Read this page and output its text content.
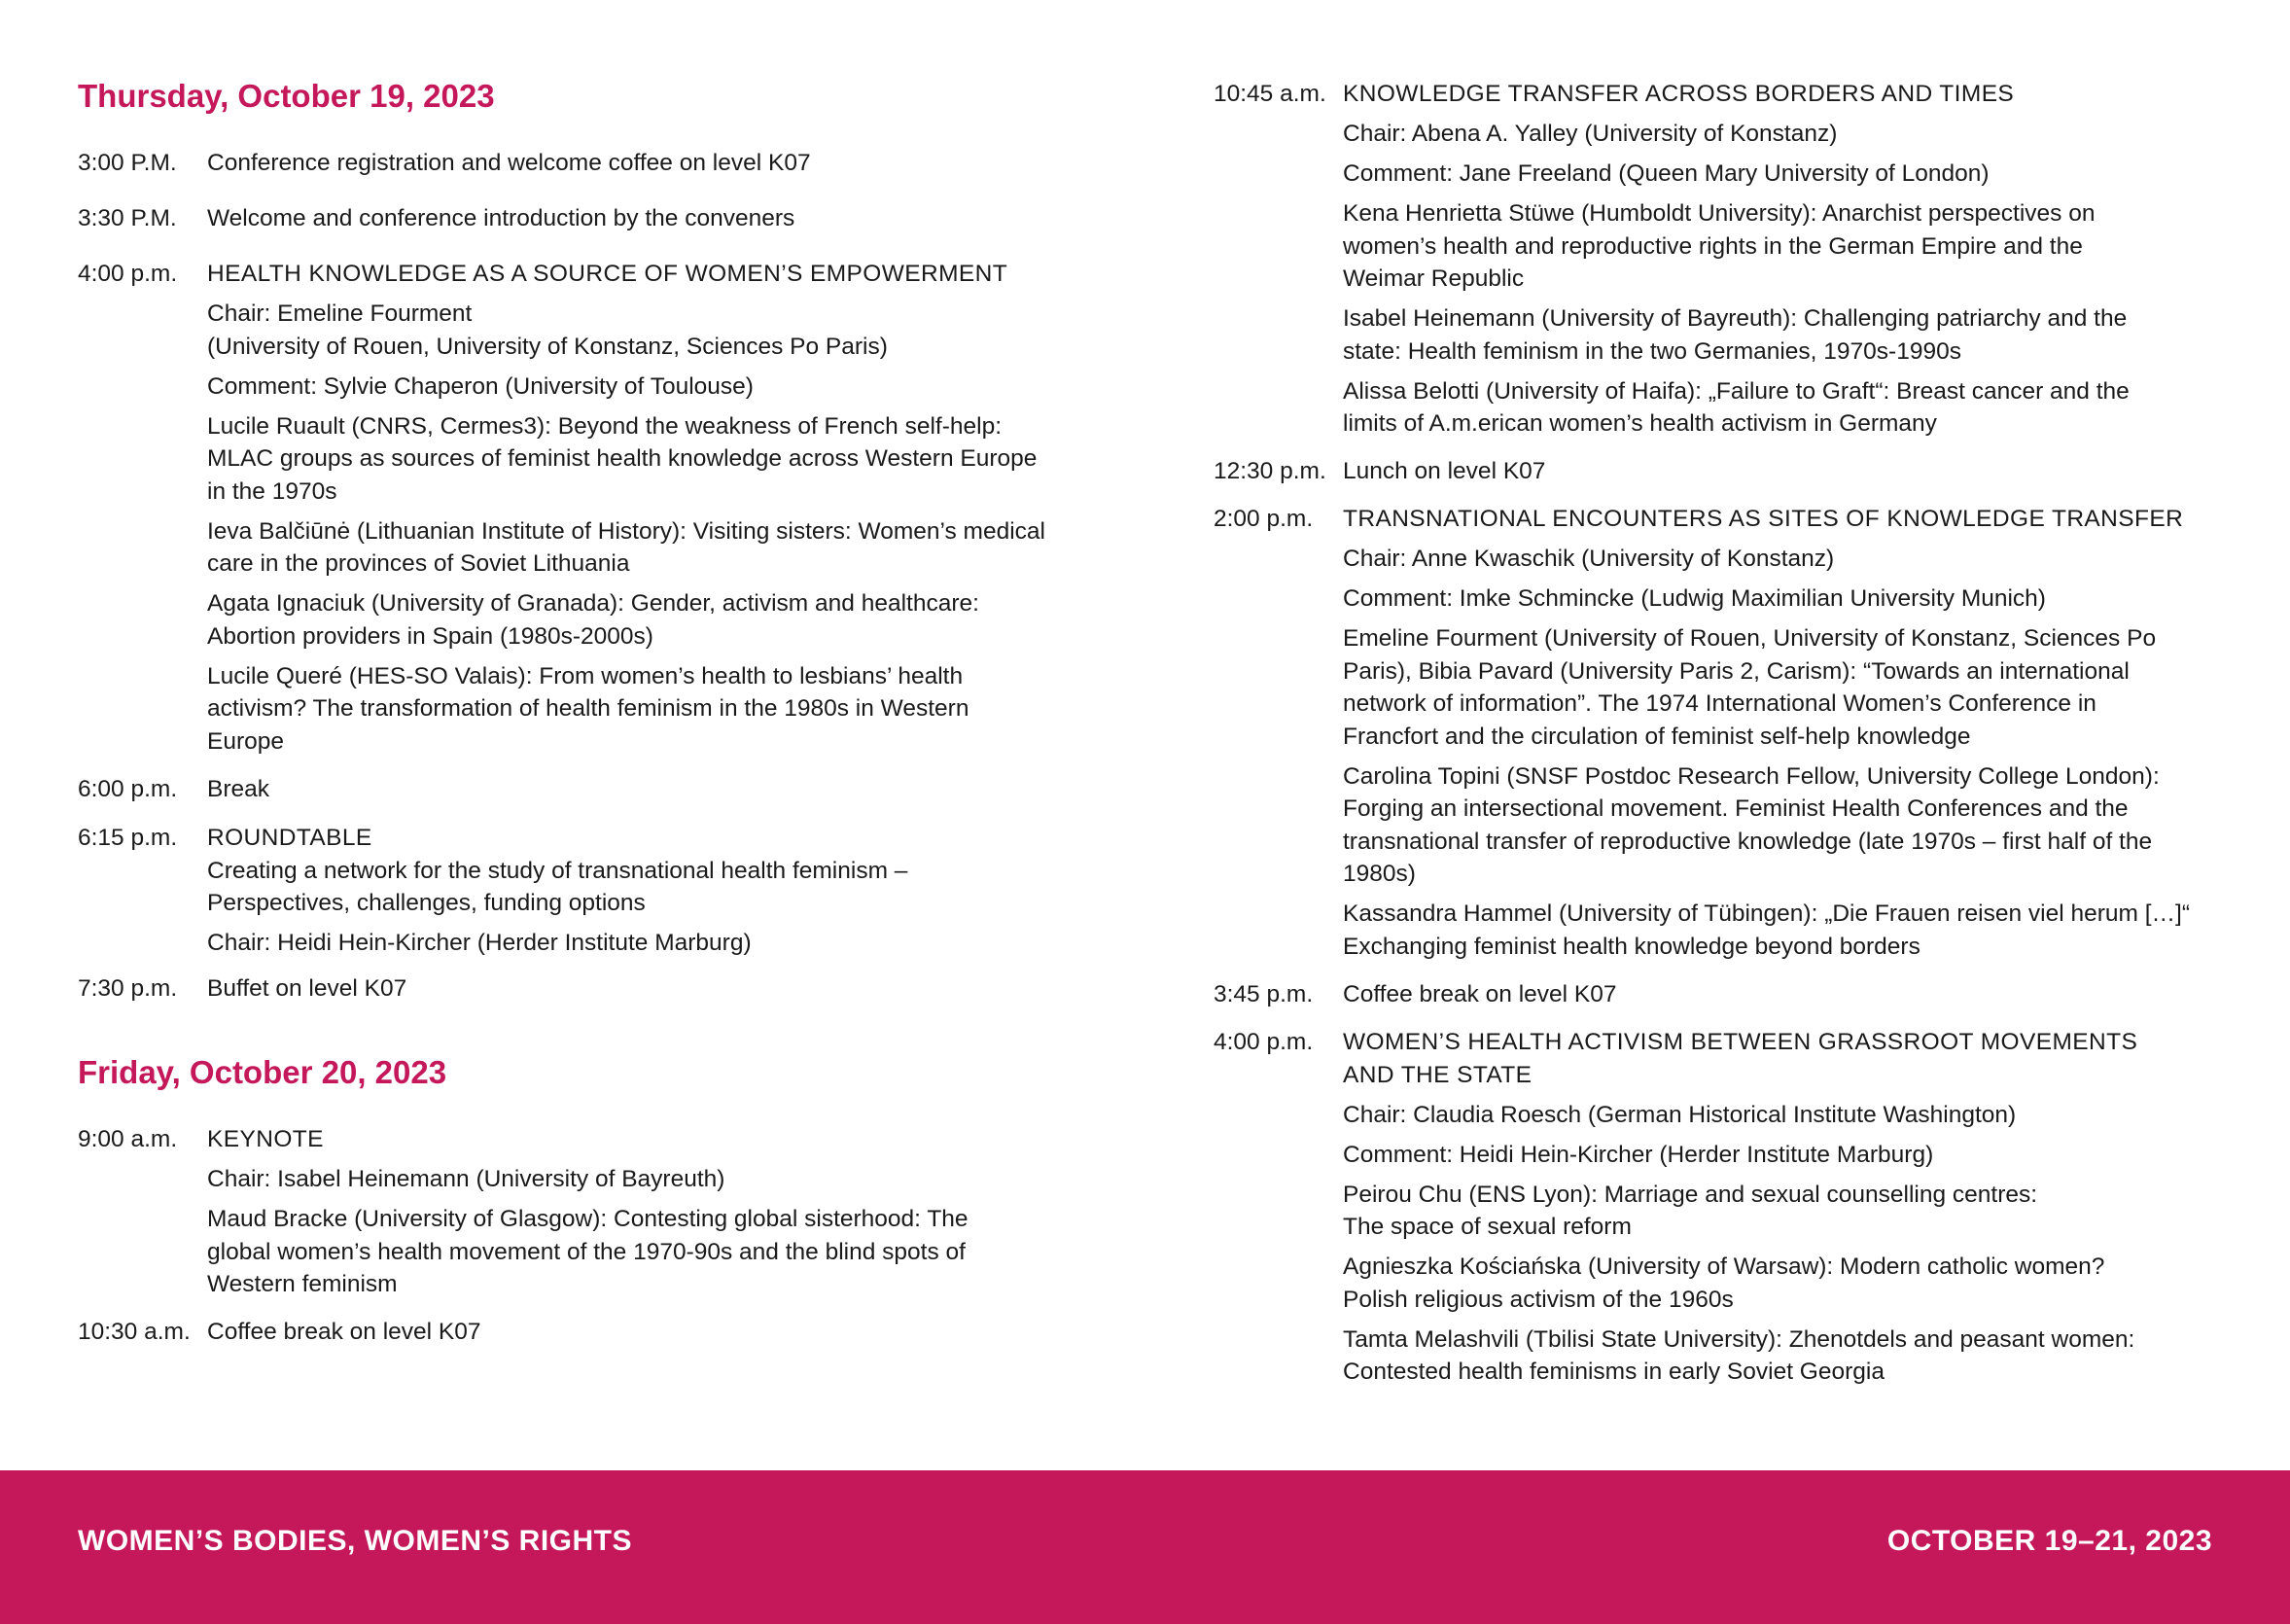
Thursday, October 19, 2023
3:00 P.M. Conference registration and welcome coffee on level K07
3:30 P.M. Welcome and conference introduction by the conveners
4:00 p.m. HEALTH KNOWLEDGE AS A SOURCE OF WOMEN’S EMPOWERMENT
Chair: Emeline Fourment
(University of Rouen, University of Konstanz, Sciences Po Paris)
Comment: Sylvie Chaperon (University of Toulouse)
Lucile Ruault (CNRS, Cermes3): Beyond the weakness of French self-help:
MLAC groups as sources of feminist health knowledge across Western Europe
in the 1970s
Ieva Balčiūnė (Lithuanian Institute of History): Visiting sisters: Women’s medical
care in the provinces of Soviet Lithuania
Agata Ignaciuk (University of Granada): Gender, activism and healthcare:
Abortion providers in Spain (1980s-2000s)
Lucile Queré (HES-SO Valais): From women’s health to lesbians’ health
activism? The transformation of health feminism in the 1980s in Western
Europe
6:00 p.m. Break
6:15 p.m. ROUNDTABLE
Creating a network for the study of transnational health feminism –
Perspectives, challenges, funding options
Chair: Heidi Hein-Kircher (Herder Institute Marburg)
7:30 p.m. Buffet on level K07
Friday, October 20, 2023
9:00 a.m. KEYNOTE
Chair: Isabel Heinemann (University of Bayreuth)
Maud Bracke (University of Glasgow): Contesting global sisterhood: The
global women’s health movement of the 1970-90s and the blind spots of
Western feminism
10:30 a.m. Coffee break on level K07
10:45 a.m. KNOWLEDGE TRANSFER ACROSS BORDERS AND TIMES
Chair: Abena A. Yalley (University of Konstanz)
Comment: Jane Freeland (Queen Mary University of London)
Kena Henrietta Stüwe (Humboldt University): Anarchist perspectives on
women’s health and reproductive rights in the German Empire and the
Weimar Republic
Isabel Heinemann (University of Bayreuth): Challenging patriarchy and the
state: Health feminism in the two Germanies, 1970s-1990s
Alissa Belotti (University of Haifa): „Failure to Graft“: Breast cancer and the
limits of A.m.erican women’s health activism in Germany
12:30 p.m. Lunch on level K07
2:00 p.m. TRANSNATIONAL ENCOUNTERS AS SITES OF KNOWLEDGE TRANSFER
Chair: Anne Kwaschik (University of Konstanz)
Comment: Imke Schmincke (Ludwig Maximilian University Munich)
Emeline Fourment (University of Rouen, University of Konstanz, Sciences Po
Paris), Bibia Pavard (University Paris 2, Carism): “Towards an international
network of information”. The 1974 International Women’s Conference in
Francfort and the circulation of feminist self-help knowledge
Carolina Topini (SNSF Postdoc Research Fellow, University College London):
Forging an intersectional movement. Feminist Health Conferences and the
transnational transfer of reproductive knowledge (late 1970s – first half of the
1980s)
Kassandra Hammel (University of Tübingen): „Die Frauen reisen viel herum […]“
Exchanging feminist health knowledge beyond borders
3:45 p.m. Coffee break on level K07
4:00 p.m. WOMEN’S HEALTH ACTIVISM BETWEEN GRASSROOT MOVEMENTS
AND THE STATE
Chair: Claudia Roesch (German Historical Institute Washington)
Comment: Heidi Hein-Kircher (Herder Institute Marburg)
Peirou Chu (ENS Lyon): Marriage and sexual counselling centres:
The space of sexual reform
Agnieszka Kościańska (University of Warsaw): Modern catholic women?
Polish religious activism of the 1960s
Tamta Melashvili (Tbilisi State University): Zhenotdels and peasant women:
Contested health feminisms in early Soviet Georgia
WOMEN’S BODIES, WOMEN’S RIGHTS	OCTOBER 19–21, 2023
